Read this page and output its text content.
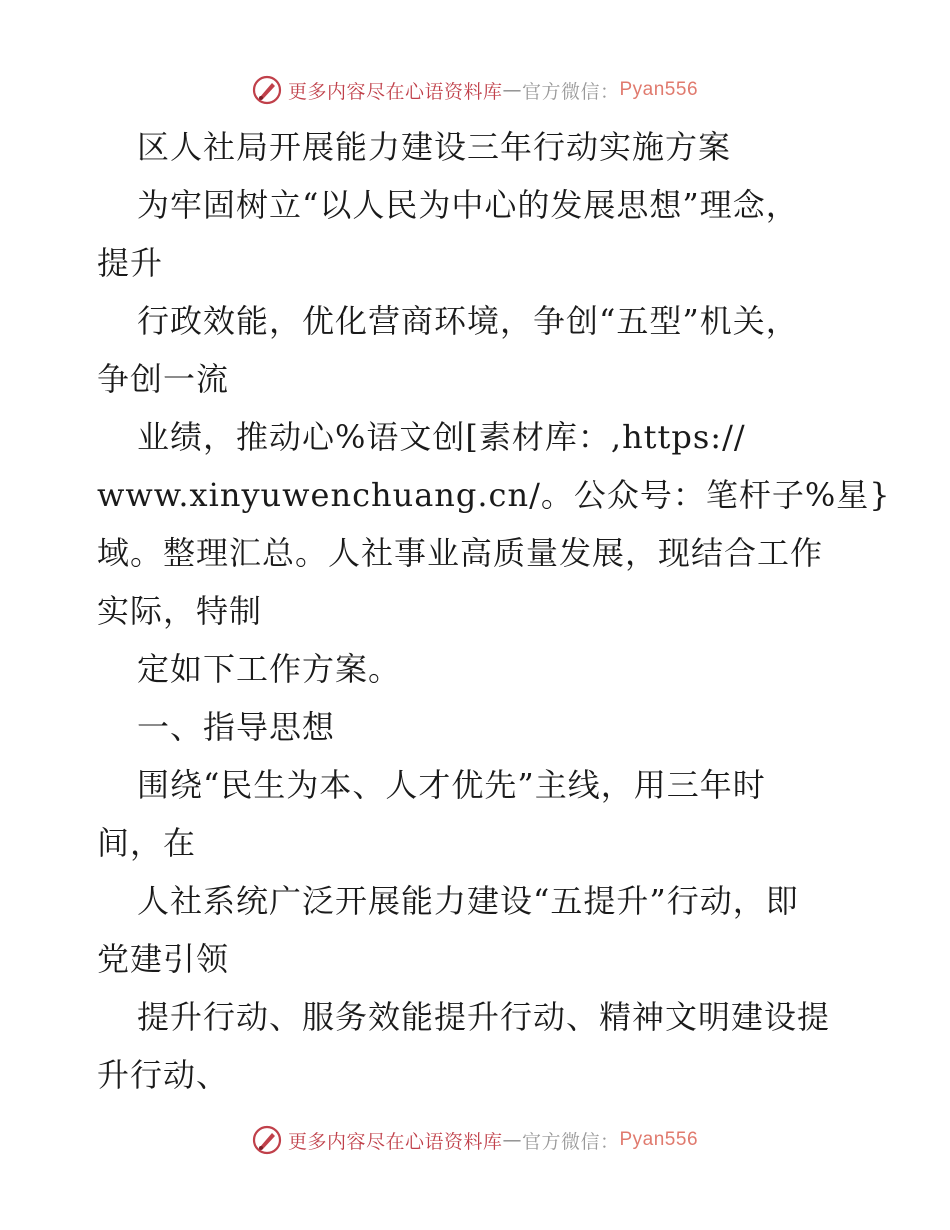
更多内容尽在心语资料库 — 官方微信： Pyan556
区人社局开展能力建设三年行动实施方案
为牢固树立“以人民为中心的发展思想”理念，
提升
行政效能，优化营商环境，争创“五型”机关，
争创一流
业绩，推动心%语文创[素材库：,https://
www.xinyuwenchuang.cn/。公众号：笔杆子%星}
域。整理汇总。人社事业高质量发展，现结合工作
实际，特制
定如下工作方案。
一、指导思想
围绕“民生为本、人才优先”主线，用三年时
间，在
人社系统广泛开展能力建设“五提升”行动，即
党建引领
提升行动、服务效能提升行动、精神文明建设提
升行动、
更多内容尽在心语资料库 — 官方微信： Pyan556
